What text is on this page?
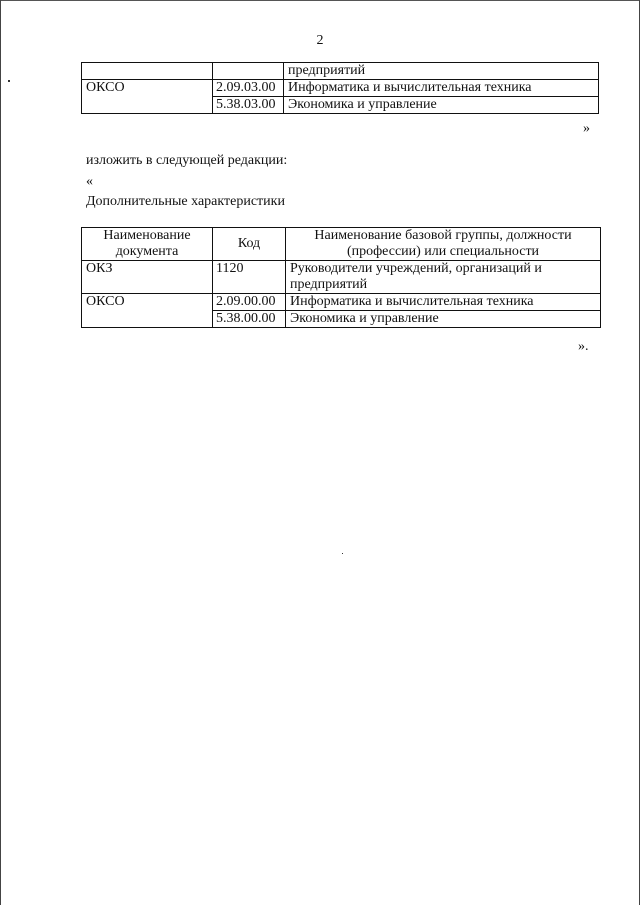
2
		предприятий
ОКСО	2.09.03.00	Информатика и вычислительная техника
	5.38.03.00	Экономика и управление
»
изложить в следующей редакции:
«
Дополнительные характеристики
Наименование документа	Код	Наименование базовой группы, должности (профессии) или специальности
ОКЗ	1120	Руководители учреждений, организаций и предприятий
ОКСО	2.09.00.00	Информатика и вычислительная техника
	5.38.00.00	Экономика и управление
».
